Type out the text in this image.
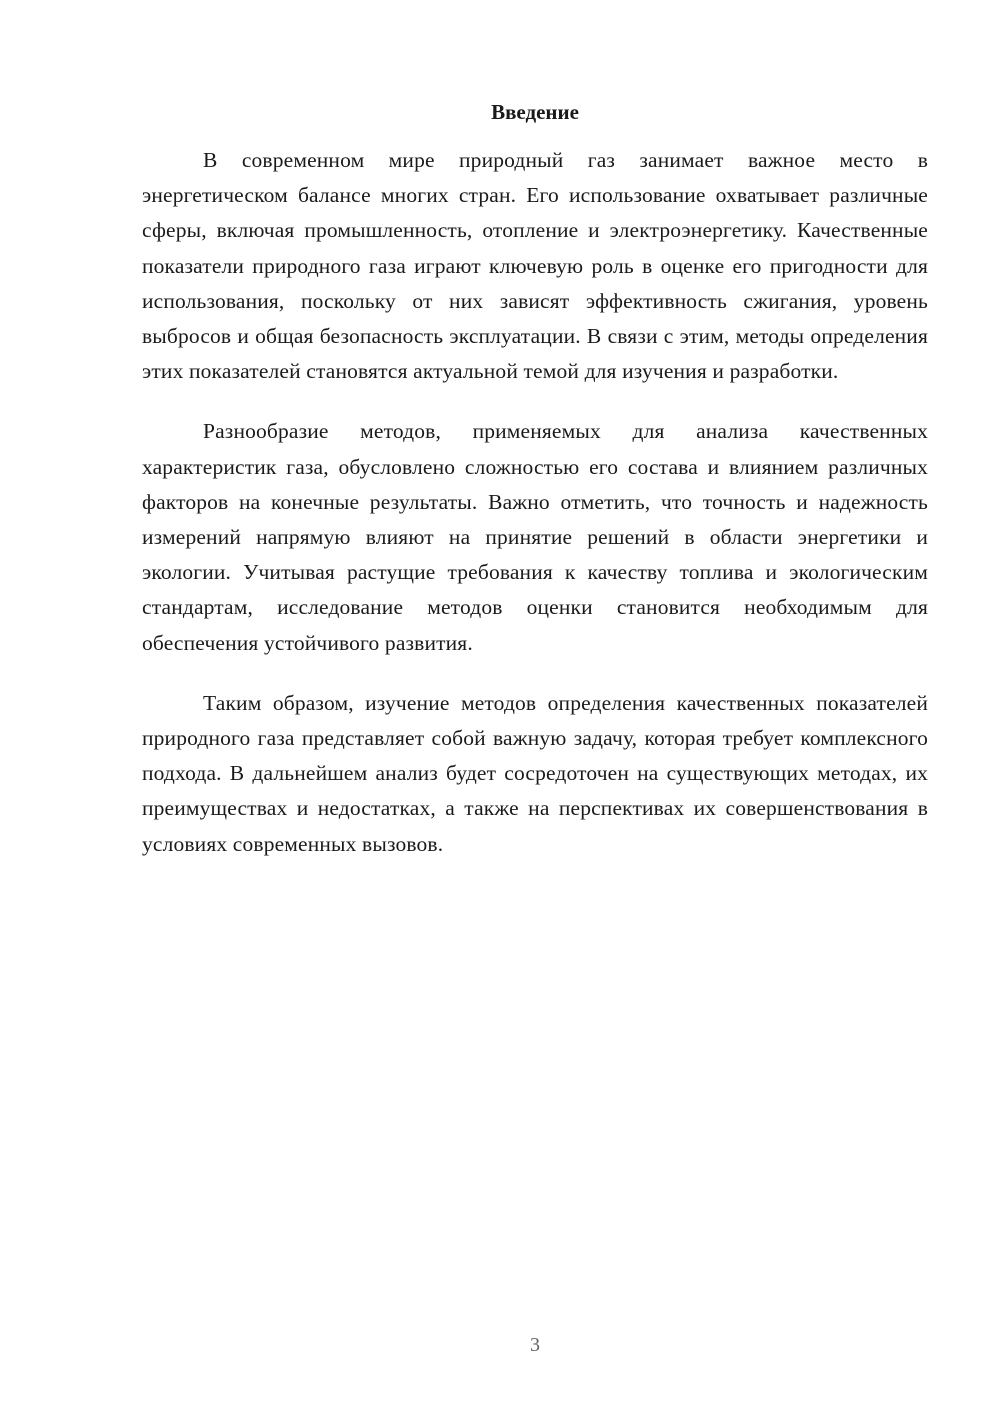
Введение

В современном мире природный газ занимает важное место в энергетическом балансе многих стран. Его использование охватывает различные сферы, включая промышленность, отопление и электроэнергетику. Качественные показатели природного газа играют ключевую роль в оценке его пригодности для использования, поскольку от них зависят эффективность сжигания, уровень выбросов и общая безопасность эксплуатации. В связи с этим, методы определения этих показателей становятся актуальной темой для изучения и разработки.

Разнообразие методов, применяемых для анализа качественных характеристик газа, обусловлено сложностью его состава и влиянием различных факторов на конечные результаты. Важно отметить, что точность и надежность измерений напрямую влияют на принятие решений в области энергетики и экологии. Учитывая растущие требования к качеству топлива и экологическим стандартам, исследование методов оценки становится необходимым для обеспечения устойчивого развития.

Таким образом, изучение методов определения качественных показателей природного газа представляет собой важную задачу, которая требует комплексного подхода. В дальнейшем анализ будет сосредоточен на существующих методах, их преимуществах и недостатках, а также на перспективах их совершенствования в условиях современных вызовов.

3
